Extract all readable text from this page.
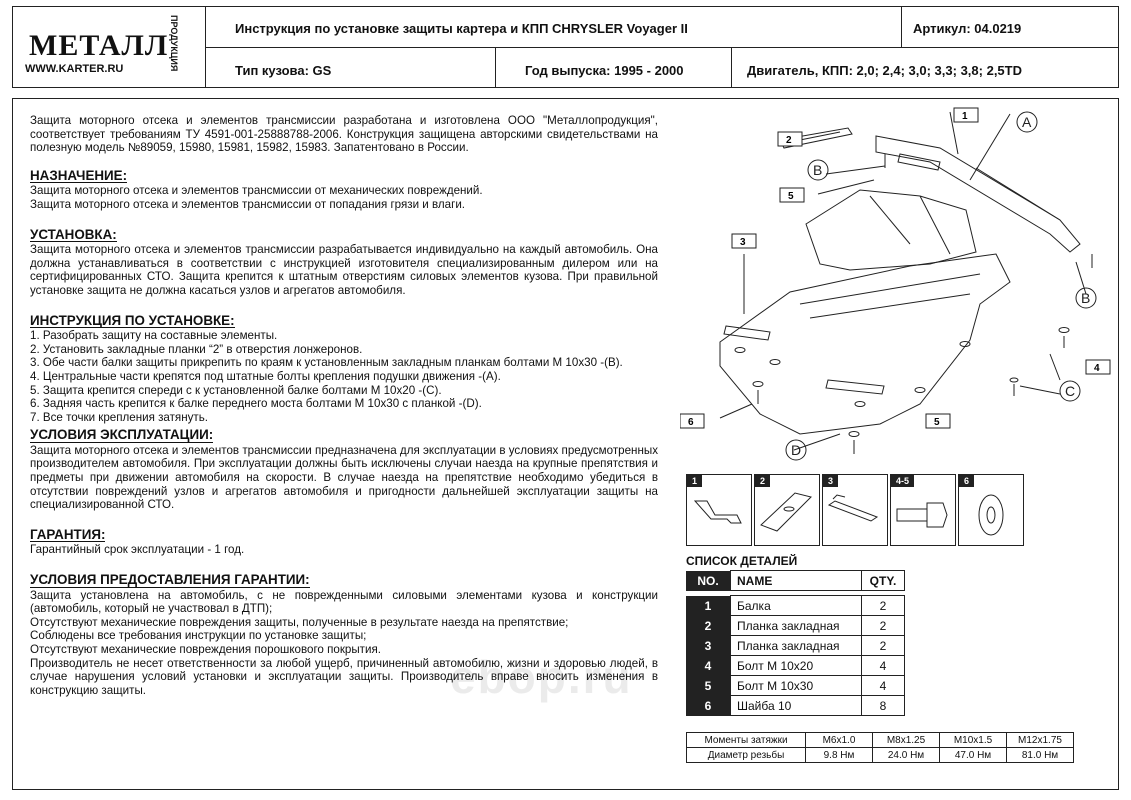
МЕТАЛЛ ПРОДУКЦИЯ
WWW.KARTER.RU
Инструкция по установке защиты картера и КПП CHRYSLER Voyager II	Артикул: 04.0219
Тип кузова: GS	Год выпуска: 1995 - 2000	Двигатель, КПП: 2,0; 2,4; 3,0; 3,3; 3,8; 2,5TD

Защита моторного отсека и элементов трансмиссии разработана и изготовлена ООО "Металлопродукция", соответствует требованиям ТУ 4591-001-25888788-2006. Конструкция защищена авторскими свидетельствами на полезную модель №89059, 15980, 15981, 15982, 15983. Запатентовано в России.

НАЗНАЧЕНИЕ:

Защита моторного отсека и элементов трансмиссии от механических повреждений.

Защита моторного отсека и элементов трансмиссии от попадания грязи и влаги.

УСТАНОВКА:

Защита моторного отсека и элементов трансмиссии разрабатывается индивидуально на каждый автомобиль. Она должна устанавливаться в соответствии с инструкцией изготовителя специализированным дилером или на сертифицированных СТО. Защита крепится к штатным отверстиям силовых элементов кузова. При правильной установке защита не должна касаться узлов и агрегатов автомобиля.

ИНСТРУКЦИЯ ПО УСТАНОВКЕ:

1. Разобрать защиту на составные элементы.

2. Установить закладные планки “2” в отверстия лонжеронов.

3. Обе части балки защиты прикрепить по краям к установленным закладным планкам болтами М 10х30 -(В).

4. Центральные части крепятся под штатные болты крепления подушки движения -(А).

5. Защита крепится спереди с к установленной балке болтами М 10х20 -(С).

6. Задняя часть крепится к балке переднего моста болтами М 10х30 с планкой -(D).

7. Все точки крепления затянуть.

УСЛОВИЯ ЭКСПЛУАТАЦИИ:

Защита моторного отсека и элементов трансмиссии предназначена для эксплуатации в условиях предусмотренных производителем автомобиля. При эксплуатации должны быть исключены случаи наезда на крупные препятствия и предметы при движении автомобиля на скорости. В случае наезда на препятствие необходимо убедиться в отсутствии повреждений узлов и агрегатов автомобиля и пригодности дальнейшей эксплуатации защиты на специализированной СТО.

ГАРАНТИЯ:

Гарантийный срок эксплуатации - 1 год.

УСЛОВИЯ ПРЕДОСТАВЛЕНИЯ ГАРАНТИИ:

Защита установлена на автомобиль, с не поврежденными силовыми элементами кузова и конструкции (автомобиль, который не участвовал в ДТП);

Отсутствуют механические повреждения защиты, полученные в результате наезда на препятствие;

Соблюдены все требования инструкции по установке защиты;

Отсутствуют механические повреждения порошкового покрытия.

Производитель не несет ответственности за любой ущерб, причиненный автомобилю, жизни и здоровью людей, в случае нарушения условий установки и эксплуатации защиты. Производитель вправе вносить изменения в конструкцию защиты.

1
2
3
4
5
5
6
A
B
B
C
D
1	2	3	4-5	6
СПИСОК ДЕТАЛЕЙ
NO.	NAME	QTY.

1	Балка	2
2	Планка закладная	2
3	Планка закладная	2
4	Болт М 10х20	4
5	Болт М 10х30	4
6	Шайба 10	8
Моменты затяжки	M6x1.0	M8x1.25	M10x1.5	M12x1.75
Диаметр резьбы	9.8 Нм	24.0 Нм	47.0 Нм	81.0 Нм
ebop.ru
